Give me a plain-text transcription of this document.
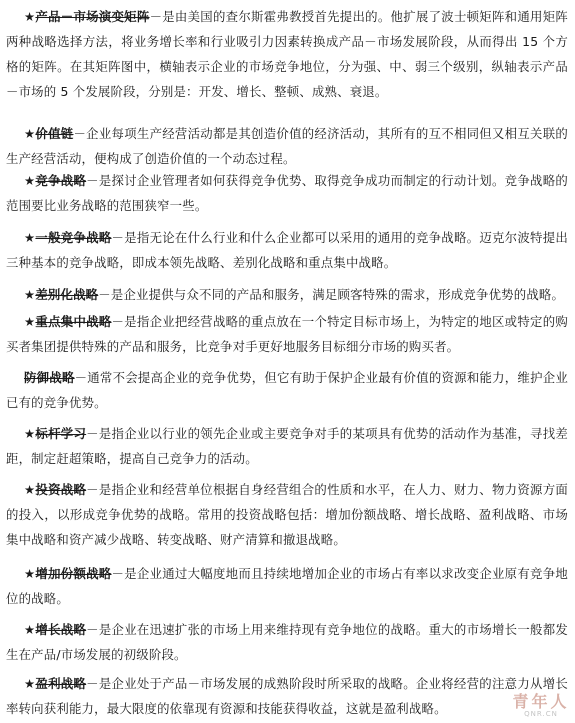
★产品－市场演变矩阵－是由美国的查尔斯霍弗教授首先提出的。他扩展了波士顿矩阵和通用矩阵两种战略选择方法，将业务增长率和行业吸引力因素转换成产品－市场发展阶段，从而得出 15 个方格的矩阵。在其矩阵图中，横轴表示企业的市场竞争地位，分为强、中、弱三个级别，纵轴表示产品－市场的 5 个发展阶段，分别是：开发、增长、整顿、成熟、衰退。

★价值链－企业每项生产经营活动都是其创造价值的经济活动，其所有的互不相同但又相互关联的生产经营活动，便构成了创造价值的一个动态过程。

★竞争战略－是探讨企业管理者如何获得竞争优势、取得竞争成功而制定的行动计划。竞争战略的范围要比业务战略的范围狭窄一些。

★一般竞争战略－是指无论在什么行业和什么企业都可以采用的通用的竞争战略。迈克尔波特提出三种基本的竞争战略，即成本领先战略、差别化战略和重点集中战略。

★差别化战略－是企业提供与众不同的产品和服务，满足顾客特殊的需求，形成竞争优势的战略。

★重点集中战略－是指企业把经营战略的重点放在一个特定目标市场上，为特定的地区或特定的购买者集团提供特殊的产品和服务，比竞争对手更好地服务目标细分市场的购买者。

防御战略－通常不会提高企业的竞争优势，但它有助于保护企业最有价值的资源和能力，维护企业已有的竞争优势。

★标杆学习－是指企业以行业的领先企业或主要竞争对手的某项具有优势的活动作为基准，寻找差距，制定赶超策略，提高自己竞争力的活动。

★投资战略－是指企业和经营单位根据自身经营组合的性质和水平，在人力、财力、物力资源方面的投入，以形成竞争优势的战略。常用的投资战略包括：增加份额战略、增长战略、盈利战略、市场集中战略和资产减少战略、转变战略、财产清算和撤退战略。

★增加份额战略－是企业通过大幅度地而且持续地增加企业的市场占有率以求改变企业原有竞争地位的战略。

★增长战略－是企业在迅速扩张的市场上用来维持现有竞争地位的战略。重大的市场增长一般都发生在产品/市场发展的初级阶段。

★盈利战略－是企业处于产品－市场发展的成熟阶段时所采取的战略。企业将经营的注意力从增长率转向获利能力，最大限度的依靠现有资源和技能获得收益，这就是盈利战略。	青年人
QNR.CN
